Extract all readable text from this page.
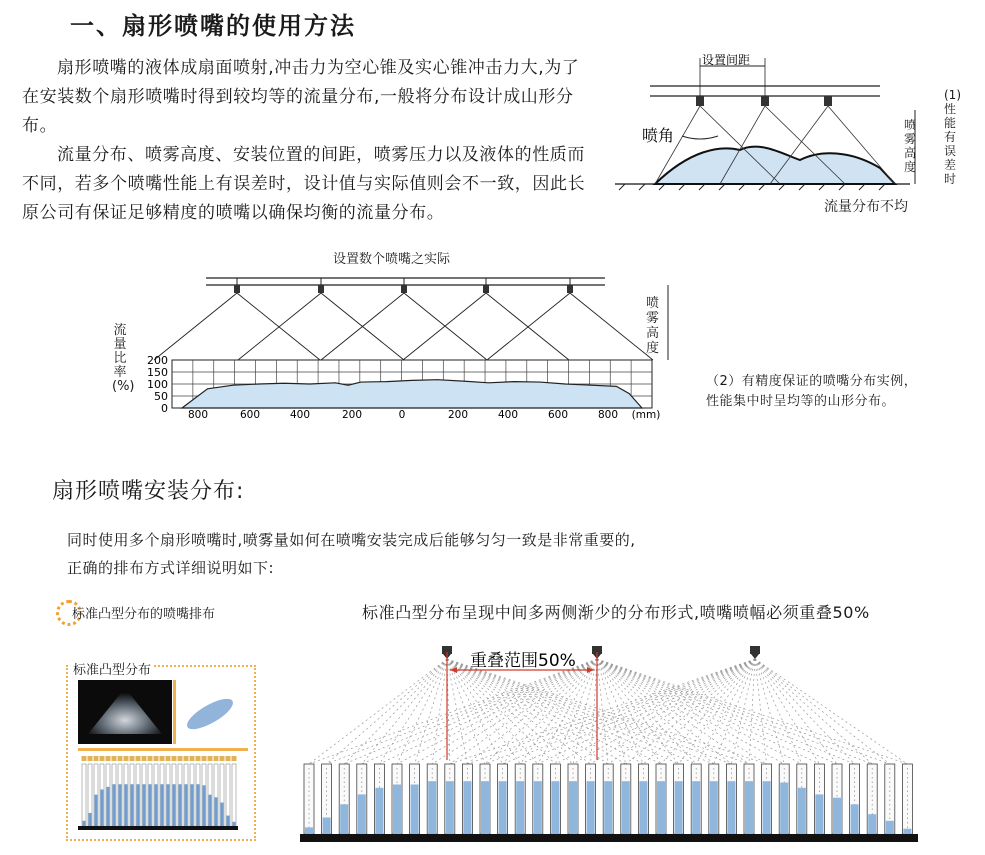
一、扇形喷嘴的使用方法

扇形喷嘴的液体成扇面喷射,冲击力为空心锥及实心锥冲击力大,为了在安装数个扇形喷嘴时得到较均等的流量分布,一般将分布设计成山形分布。

流量分布、喷雾高度、安装位置的间距，喷雾压力以及液体的性质而不同，若多个喷嘴性能上有误差时，设计值与实际值则会不一致，因此长原公司有保证足够精度的喷嘴以确保均衡的流量分布。

设置间距
喷角
喷雾高度
(1)性能有误差时
流量分布不均
设置数个喷嘴之实际
流量比率(%)
200
150
100
50
0 800	600	400	200	0	200	400	600	800 (mm)
喷雾高度
（2）有精度保证的喷嘴分布实例，
性能集中时呈均等的山形分布。
扇形喷嘴安装分布:

同时使用多个扇形喷嘴时,喷雾量如何在喷嘴安装完成后能够匀匀一致是非常重要的,

正确的排布方式详细说明如下:

标准凸型分布的喷嘴排布	标准凸型分布呈现中间多两侧渐少的分布形式,喷嘴喷幅必须重叠50%
标准凸型分布	重叠范围50%
